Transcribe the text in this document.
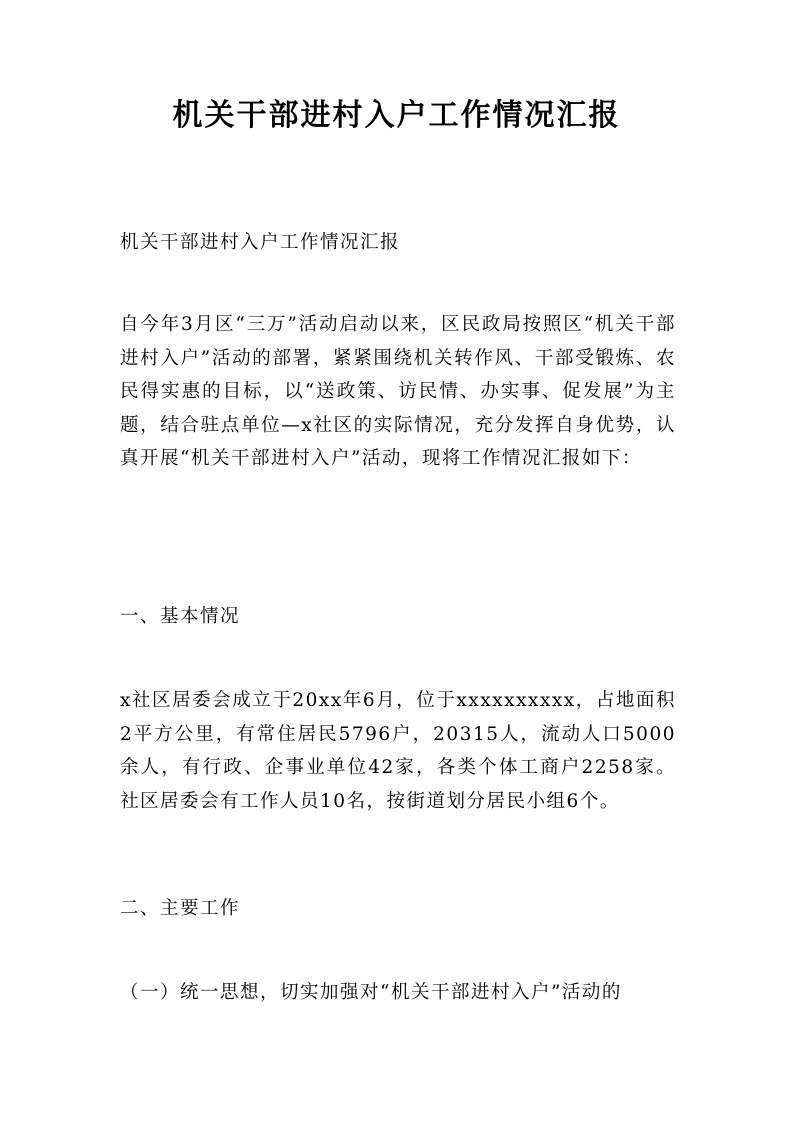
机关干部进村入户工作情况汇报

机关干部进村入户工作情况汇报

自今年3月区“三万”活动启动以来，区民政局按照区“机关干部进村入户”活动的部署，紧紧围绕机关转作风、干部受锻炼、农民得实惠的目标，以“送政策、访民情、办实事、促发展”为主题，结合驻点单位—x社区的实际情况，充分发挥自身优势，认真开展“机关干部进村入户”活动，现将工作情况汇报如下：

一、基本情况

x社区居委会成立于20xx年6月，位于xxxxxxxxxx，占地面积2平方公里，有常住居民5796户，20315人，流动人口5000余人，有行政、企事业单位42家，各类个体工商户2258家。社区居委会有工作人员10名，按街道划分居民小组6个。

二、主要工作

（一）统一思想，切实加强对“机关干部进村入户”活动的
